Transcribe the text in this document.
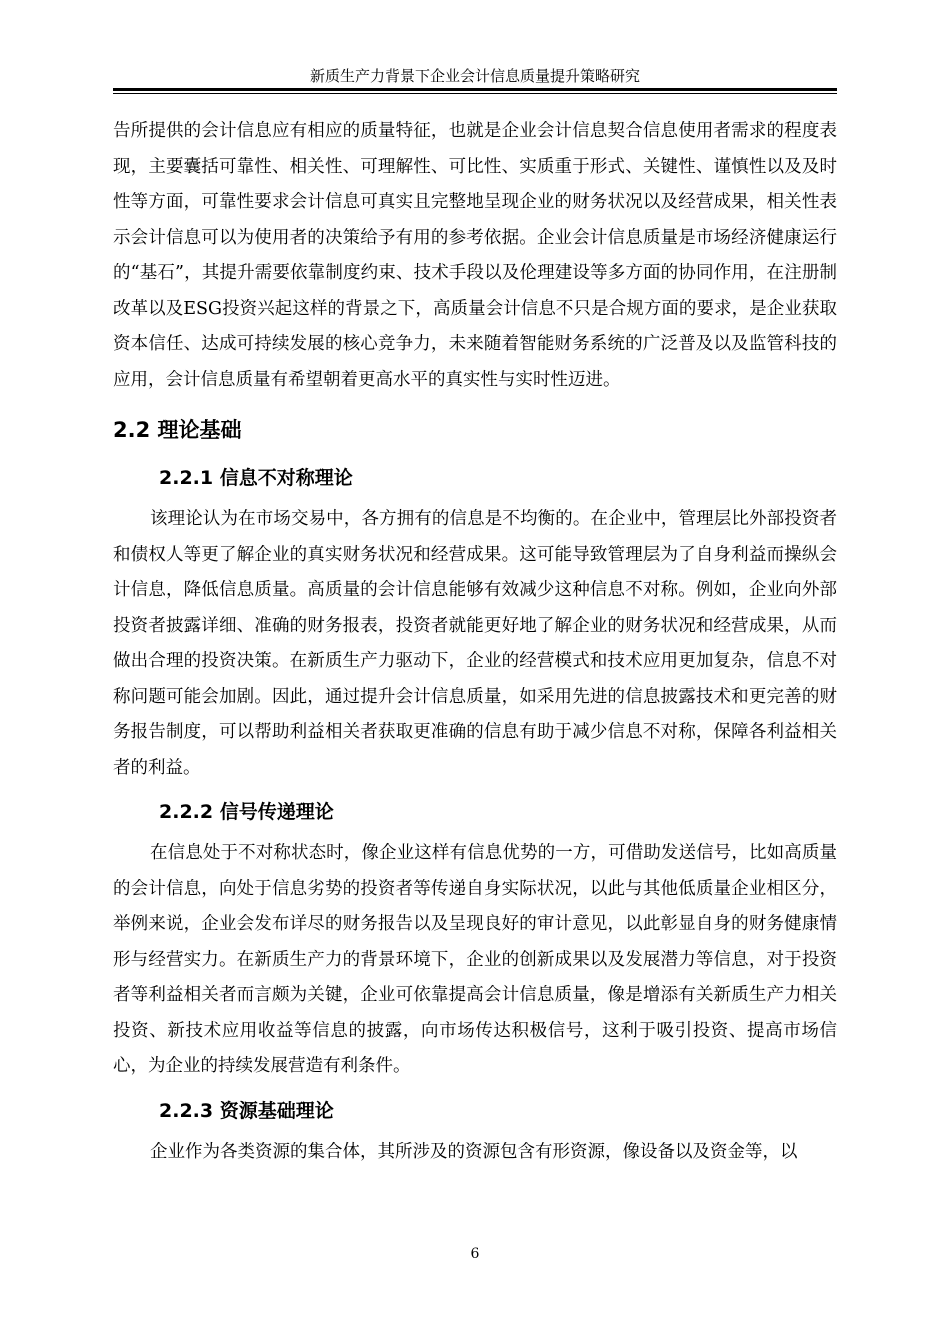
新质生产力背景下企业会计信息质量提升策略研究

告所提供的会计信息应有相应的质量特征，也就是企业会计信息契合信息使用者需求的程度表现，主要囊括可靠性、相关性、可理解性、可比性、实质重于形式、关键性、谨慎性以及及时性等方面，可靠性要求会计信息可真实且完整地呈现企业的财务状况以及经营成果，相关性表示会计信息可以为使用者的决策给予有用的参考依据。企业会计信息质量是市场经济健康运行的“基石”，其提升需要依靠制度约束、技术手段以及伦理建设等多方面的协同作用，在注册制改革以及ESG投资兴起这样的背景之下，高质量会计信息不只是合规方面的要求，是企业获取资本信任、达成可持续发展的核心竞争力，未来随着智能财务系统的广泛普及以及监管科技的应用，会计信息质量有希望朝着更高水平的真实性与实时性迈进。

2.2 理论基础
2.2.1 信息不对称理论

该理论认为在市场交易中，各方拥有的信息是不均衡的。在企业中，管理层比外部投资者和债权人等更了解企业的真实财务状况和经营成果。这可能导致管理层为了自身利益而操纵会计信息，降低信息质量。高质量的会计信息能够有效减少这种信息不对称。例如，企业向外部投资者披露详细、准确的财务报表，投资者就能更好地了解企业的财务状况和经营成果，从而做出合理的投资决策。在新质生产力驱动下，企业的经营模式和技术应用更加复杂，信息不对称问题可能会加剧。因此，通过提升会计信息质量，如采用先进的信息披露技术和更完善的财务报告制度，可以帮助利益相关者获取更准确的信息有助于减少信息不对称，保障各利益相关者的利益。

2.2.2 信号传递理论

在信息处于不对称状态时，像企业这样有信息优势的一方，可借助发送信号，比如高质量的会计信息，向处于信息劣势的投资者等传递自身实际状况，以此与其他低质量企业相区分，举例来说，企业会发布详尽的财务报告以及呈现良好的审计意见，以此彰显自身的财务健康情形与经营实力。在新质生产力的背景环境下，企业的创新成果以及发展潜力等信息，对于投资者等利益相关者而言颇为关键，企业可依靠提高会计信息质量，像是增添有关新质生产力相关投资、新技术应用收益等信息的披露，向市场传达积极信号，这利于吸引投资、提高市场信心，为企业的持续发展营造有利条件。

2.2.3 资源基础理论

企业作为各类资源的集合体，其所涉及的资源包含有形资源，像设备以及资金等，以

6
